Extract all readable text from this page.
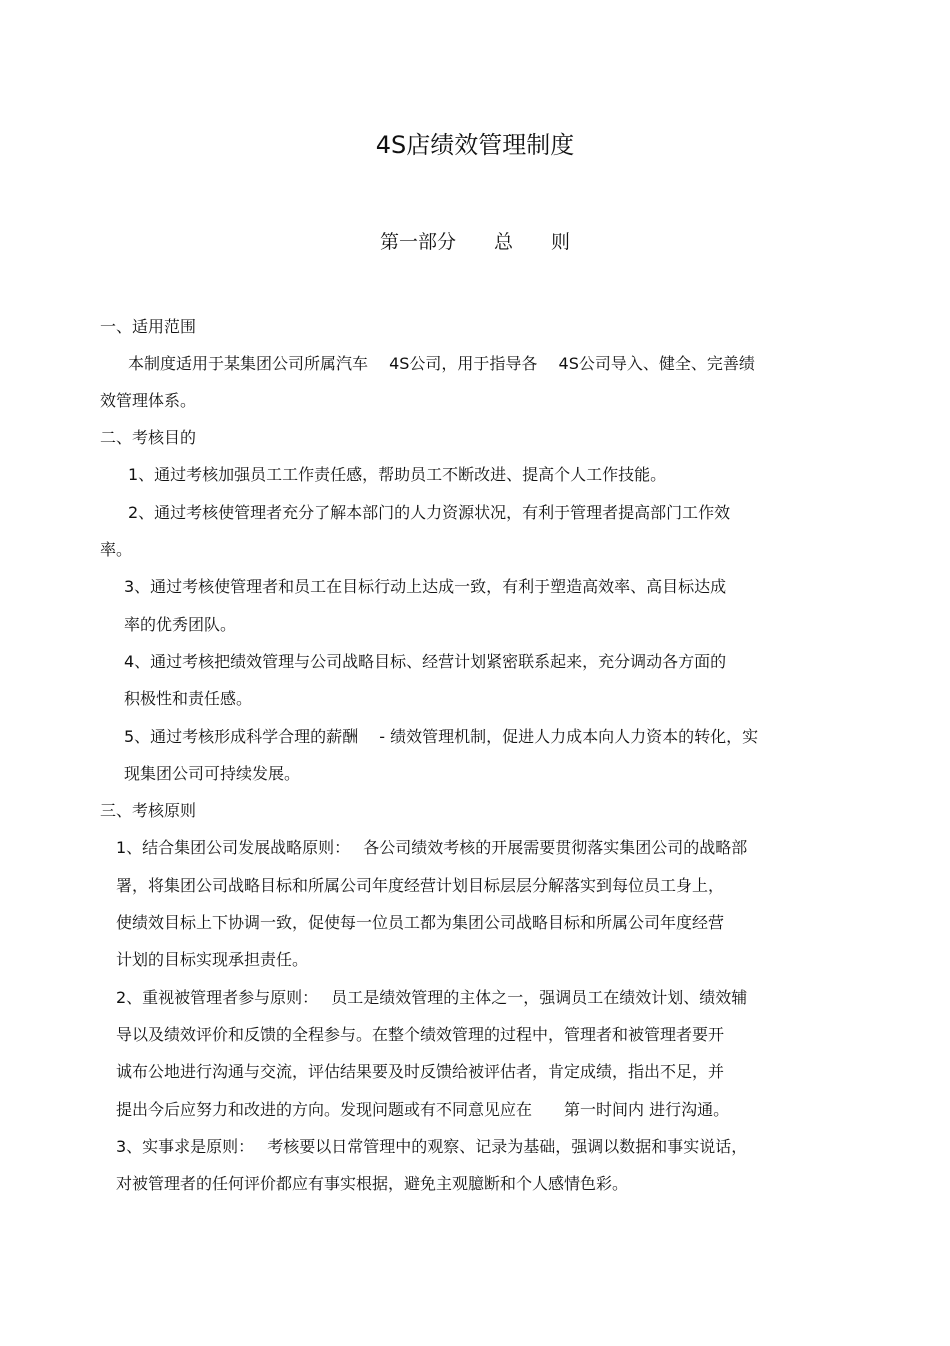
4S店绩效管理制度
第一部分　　总　　则
一、适用范围
本制度适用于某集团公司所属汽车　 4S公司，用于指导各　 4S公司导入、健全、完善绩
效管理体系。
二、考核目的
1、通过考核加强员工工作责任感，帮助员工不断改进、提高个人工作技能。
2、通过考核使管理者充分了解本部门的人力资源状况，有利于管理者提高部门工作效
率。
3、通过考核使管理者和员工在目标行动上达成一致，有利于塑造高效率、高目标达成
率的优秀团队。
4、通过考核把绩效管理与公司战略目标、经营计划紧密联系起来，充分调动各方面的
积极性和责任感。
5、通过考核形成科学合理的薪酬　 - 绩效管理机制，促进人力成本向人力资本的转化，实
现集团公司可持续发展。
三、考核原则
1、结合集团公司发展战略原则：　 各公司绩效考核的开展需要贯彻落实集团公司的战略部
署，将集团公司战略目标和所属公司年度经营计划目标层层分解落实到每位员工身上，
使绩效目标上下协调一致，促使每一位员工都为集团公司战略目标和所属公司年度经营
计划的目标实现承担责任。
2、重视被管理者参与原则：　 员工是绩效管理的主体之一，强调员工在绩效计划、绩效辅
导以及绩效评价和反馈的全程参与。在整个绩效管理的过程中，管理者和被管理者要开
诚布公地进行沟通与交流，评估结果要及时反馈给被评估者，肯定成绩，指出不足，并
提出今后应努力和改进的方向。发现问题或有不同意见应在　　第一时间内 进行沟通。
3、实事求是原则：　 考核要以日常管理中的观察、记录为基础，强调以数据和事实说话，
对被管理者的任何评价都应有事实根据，避免主观臆断和个人感情色彩。
